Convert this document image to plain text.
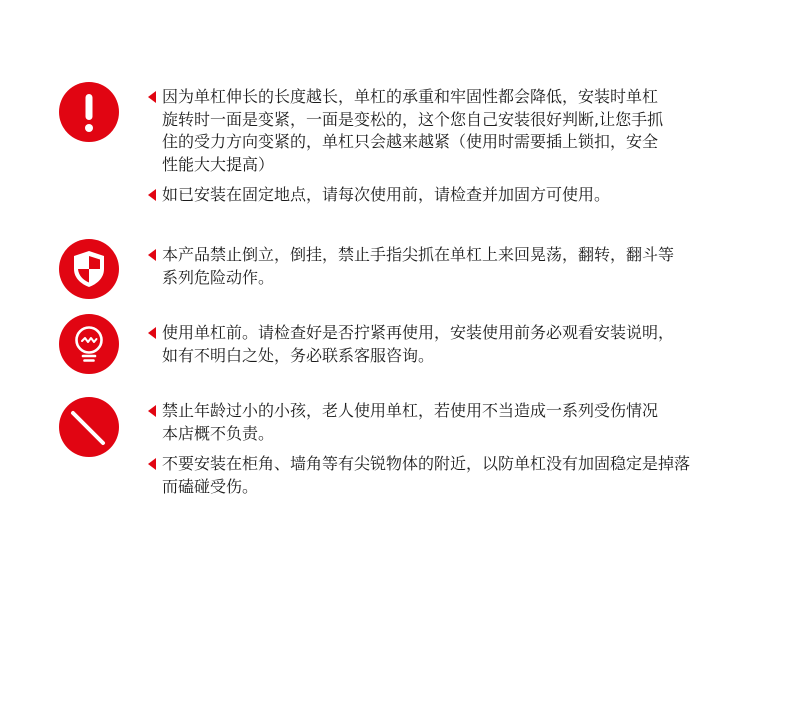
因为单杠伸长的长度越长，单杠的承重和牢固性都会降低，安装时单杠
旋转时一面是变紧，一面是变松的，这个您自己安装很好判断,让您手抓
住的受力方向变紧的，单杠只会越来越紧（使用时需要插上锁扣，安全
性能大大提高）

如已安装在固定地点，请每次使用前，请检查并加固方可使用。

本产品禁止倒立，倒挂，禁止手指尖抓在单杠上来回晃荡，翻转，翻斗等
系列危险动作。

使用单杠前。请检查好是否拧紧再使用，安装使用前务必观看安装说明，
如有不明白之处，务必联系客服咨询。

禁止年龄过小的小孩，老人使用单杠，若使用不当造成一系列受伤情况
本店概不负责。

不要安装在柜角、墙角等有尖锐物体的附近，以防单杠没有加固稳定是掉落
而磕碰受伤。
